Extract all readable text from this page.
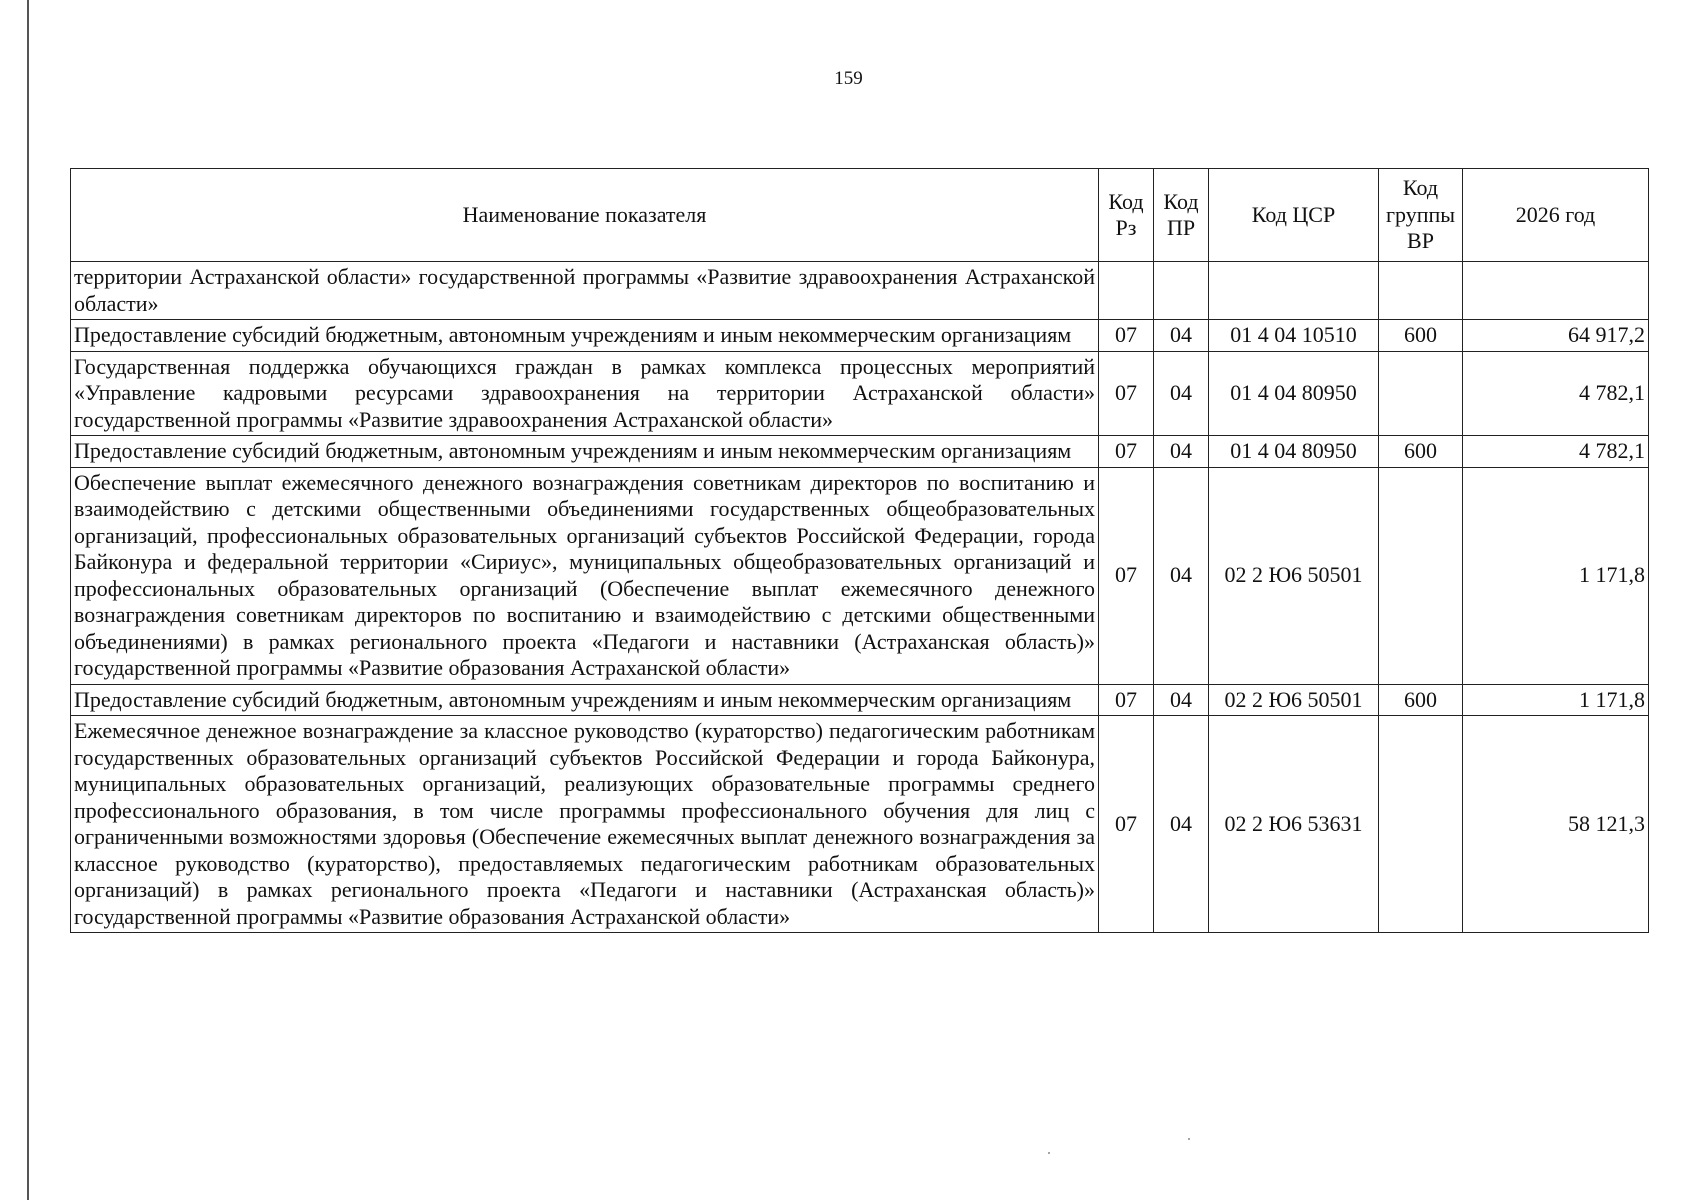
159
Наименование показателя	Код Рз	Код ПР	Код ЦСР	Код группы ВР	2026 год
территории Астраханской области» государственной программы «Развитие здравоохранения Астраханской области»					
Предоставление субсидий бюджетным, автономным учреждениям и иным некоммерческим организациям	07	04	01 4 04 10510	600	64 917,2
Государственная поддержка обучающихся граждан в рамках комплекса процессных мероприятий «Управление кадровыми ресурсами здравоохранения на территории Астраханской области» государственной программы «Развитие здравоохранения Астраханской области»	07	04	01 4 04 80950		4 782,1
Предоставление субсидий бюджетным, автономным учреждениям и иным некоммерческим организациям	07	04	01 4 04 80950	600	4 782,1
Обеспечение выплат ежемесячного денежного вознаграждения советникам директоров по воспитанию и взаимодействию с детскими общественными объединениями государственных общеобразовательных организаций, профессиональных образовательных организаций субъектов Российской Федерации, города Байконура и федеральной территории «Сириус», муниципальных общеобразовательных организаций и профессиональных образовательных организаций (Обеспечение выплат ежемесячного денежного вознаграждения советникам директоров по воспитанию и взаимодействию с детскими общественными объединениями) в рамках регионального проекта «Педагоги и наставники (Астраханская область)» государственной программы «Развитие образования Астраханской области»	07	04	02 2 Ю6 50501		1 171,8
Предоставление субсидий бюджетным, автономным учреждениям и иным некоммерческим организациям	07	04	02 2 Ю6 50501	600	1 171,8
Ежемесячное денежное вознаграждение за классное руководство (кураторство) педагогическим работникам государственных образовательных организаций субъектов Российской Федерации и города Байконура, муниципальных образовательных организаций, реализующих образовательные программы среднего профессионального образования, в том числе программы профессионального обучения для лиц с ограниченными возможностями здоровья (Обеспечение ежемесячных выплат денежного вознаграждения за классное руководство (кураторство), предоставляемых педагогическим работникам образовательных организаций) в рамках регионального проекта «Педагоги и наставники (Астраханская область)» государственной программы «Развитие образования Астраханской области»	07	04	02 2 Ю6 53631		58 121,3
